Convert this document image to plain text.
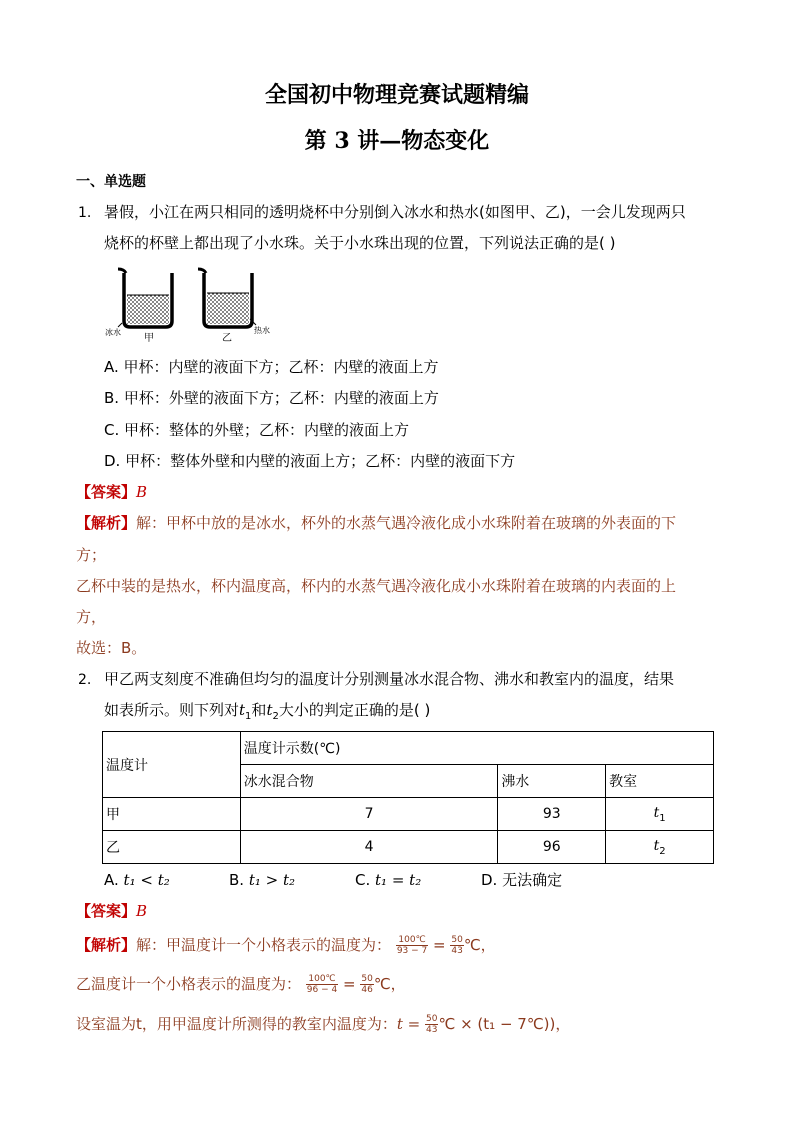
全国初中物理竞赛试题精编
第 3 讲—物态变化
一、单选题
1. 暑假，小江在两只相同的透明烧杯中分别倒入冰水和热水(如图甲、乙)，一会儿发现两只
烧杯的杯壁上都出现了小水珠。关于小水珠出现的位置，下列说法正确的是( )
冰水
甲	乙
热水
A. 甲杯：内壁的液面下方；乙杯：内壁的液面上方
B. 甲杯：外壁的液面下方；乙杯：内壁的液面上方
C. 甲杯：整体的外壁；乙杯：内壁的液面上方
D. 甲杯：整体外壁和内壁的液面上方；乙杯：内壁的液面下方
【答案】B
【解析】解：甲杯中放的是冰水，杯外的水蒸气遇冷液化成小水珠附着在玻璃的外表面的下
方；
乙杯中装的是热水，杯内温度高，杯内的水蒸气遇冷液化成小水珠附着在玻璃的内表面的上
方，
故选：B。
2. 甲乙两支刻度不准确但均匀的温度计分别测量冰水混合物、沸水和教室内的温度，结果
如表所示。则下列对$t_1$和$t_2$大小的判定正确的是( )
温度计	温度计示数(℃)		
	冰水混合物	沸水	教室
甲	7	93	$t_1$
乙	4	96	$t_2$
A. t₁ < t₂	B. t₁ > t₂	C. t₁ = t₂	D. 无法确定
【答案】B
【解析】解：甲温度计一个小格表示的温度为： $\frac{100℃}{93 - 7} = \frac{50}{43}$ ℃，
乙温度计一个小格表示的温度为： $\frac{100℃}{96 - 4} = \frac{50}{46}$ ℃，
设室温为t，用甲温度计所测得的教室内温度为：$t = \frac{50}{43}$ ℃ × (t₁ − 7℃))，
